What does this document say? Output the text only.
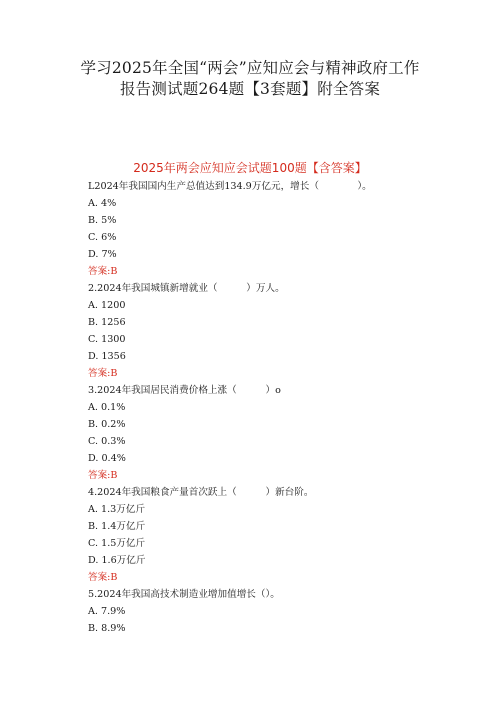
学习2025年全国“两会”应知应会与精神政府工作
报告测试题264题【3套题】附全答案
2025年两会应知应会试题100题【含答案】
L2024年我国国内生产总值达到134.9万亿元，增长（　　　　）。
A. 4%
B. 5%
C. 6%
D. 7%
答案:B
2.2024年我国城镇新增就业（　　　）万人。
A. 1200
B. 1256
C. 1300
D. 1356
答案:B
3.2024年我国居民消费价格上涨（　　　）o
A. 0.1%
B. 0.2%
C. 0.3%
D. 0.4%
答案:B
4.2024年我国粮食产量首次跃上（　　　）新台阶。
A. 1.3万亿斤
B. 1.4万亿斤
C. 1.5万亿斤
D. 1.6万亿斤
答案:B
5.2024年我国高技术制造业增加值增长（）。
A. 7.9%
B. 8.9%
